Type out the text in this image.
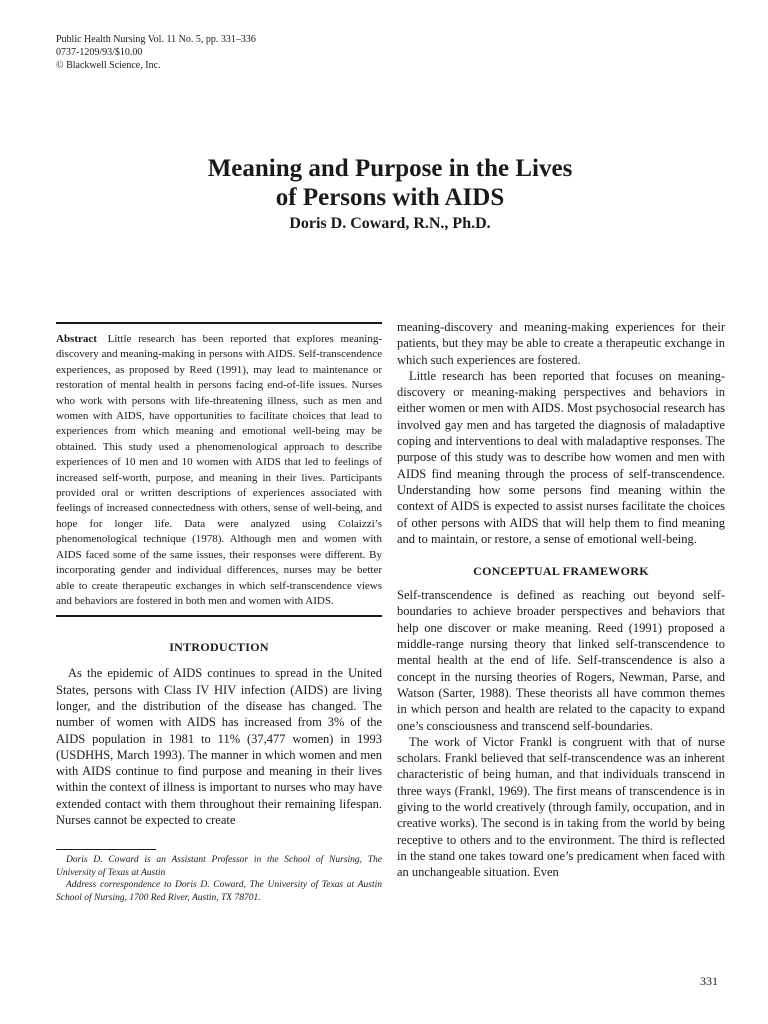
Public Health Nursing Vol. 11 No. 5, pp. 331–336
0737-1209/93/$10.00
© Blackwell Science, Inc.
Meaning and Purpose in the Lives
of Persons with AIDS
Doris D. Coward, R.N., Ph.D.
Abstract Little research has been reported that explores meaning-discovery and meaning-making in persons with AIDS. Self-transcendence experiences, as proposed by Reed (1991), may lead to maintenance or restoration of mental health in persons facing end-of-life issues. Nurses who work with persons with life-threatening illness, such as men and women with AIDS, have opportunities to facilitate choices that lead to experiences from which meaning and emotional well-being may be obtained. This study used a phenomenological approach to describe experiences of 10 men and 10 women with AIDS that led to feelings of increased self-worth, purpose, and meaning in their lives. Participants provided oral or written descriptions of experiences associated with feelings of increased connectedness with others, sense of well-being, and hope for longer life. Data were analyzed using Colaizzi’s phenomenological technique (1978). Although men and women with AIDS faced some of the same issues, their responses were different. By incorporating gender and individual differences, nurses may be better able to create therapeutic exchanges in which self-transcendence views and behaviors are fostered in both men and women with AIDS.
INTRODUCTION

As the epidemic of AIDS continues to spread in the United States, persons with Class IV HIV infection (AIDS) are living longer, and the distribution of the disease has changed. The number of women with AIDS has increased from 3% of the AIDS population in 1981 to 11% (37,477 women) in 1993 (USDHHS, March 1993). The manner in which women and men with AIDS continue to find purpose and meaning in their lives within the context of illness is important to nurses who may have extended contact with them throughout their remaining lifespan. Nurses cannot be expected to create

Doris D. Coward is an Assistant Professor in the School of Nursing, The University of Texas at Austin

Address correspondence to Doris D. Coward, The University of Texas at Austin School of Nursing, 1700 Red River, Austin, TX 78701.

meaning-discovery and meaning-making experiences for their patients, but they may be able to create a therapeutic exchange in which such experiences are fostered.

Little research has been reported that focuses on meaning-discovery or meaning-making perspectives and behaviors in either women or men with AIDS. Most psychosocial research has involved gay men and has targeted the diagnosis of maladaptive coping and interventions to deal with maladaptive responses. The purpose of this study was to describe how women and men with AIDS find meaning through the process of self-transcendence. Understanding how some persons find meaning within the context of AIDS is expected to assist nurses facilitate the choices of other persons with AIDS that will help them to find meaning and to maintain, or restore, a sense of emotional well-being.

CONCEPTUAL FRAMEWORK

Self-transcendence is defined as reaching out beyond self-boundaries to achieve broader perspectives and behaviors that help one discover or make meaning. Reed (1991) proposed a middle-range nursing theory that linked self-transcendence to mental health at the end of life. Self-transcendence is also a concept in the nursing theories of Rogers, Newman, Parse, and Watson (Sarter, 1988). These theorists all have common themes in which person and health are related to the capacity to expand one’s consciousness and transcend self-boundaries.

The work of Victor Frankl is congruent with that of nurse scholars. Frankl believed that self-transcendence was an inherent characteristic of being human, and that individuals transcend in three ways (Frankl, 1969). The first means of transcendence is in giving to the world creatively (through family, occupation, and in creative works). The second is in taking from the world by being receptive to others and to the environment. The third is reflected in the stand one takes toward one’s predicament when faced with an unchangeable situation. Even

331
